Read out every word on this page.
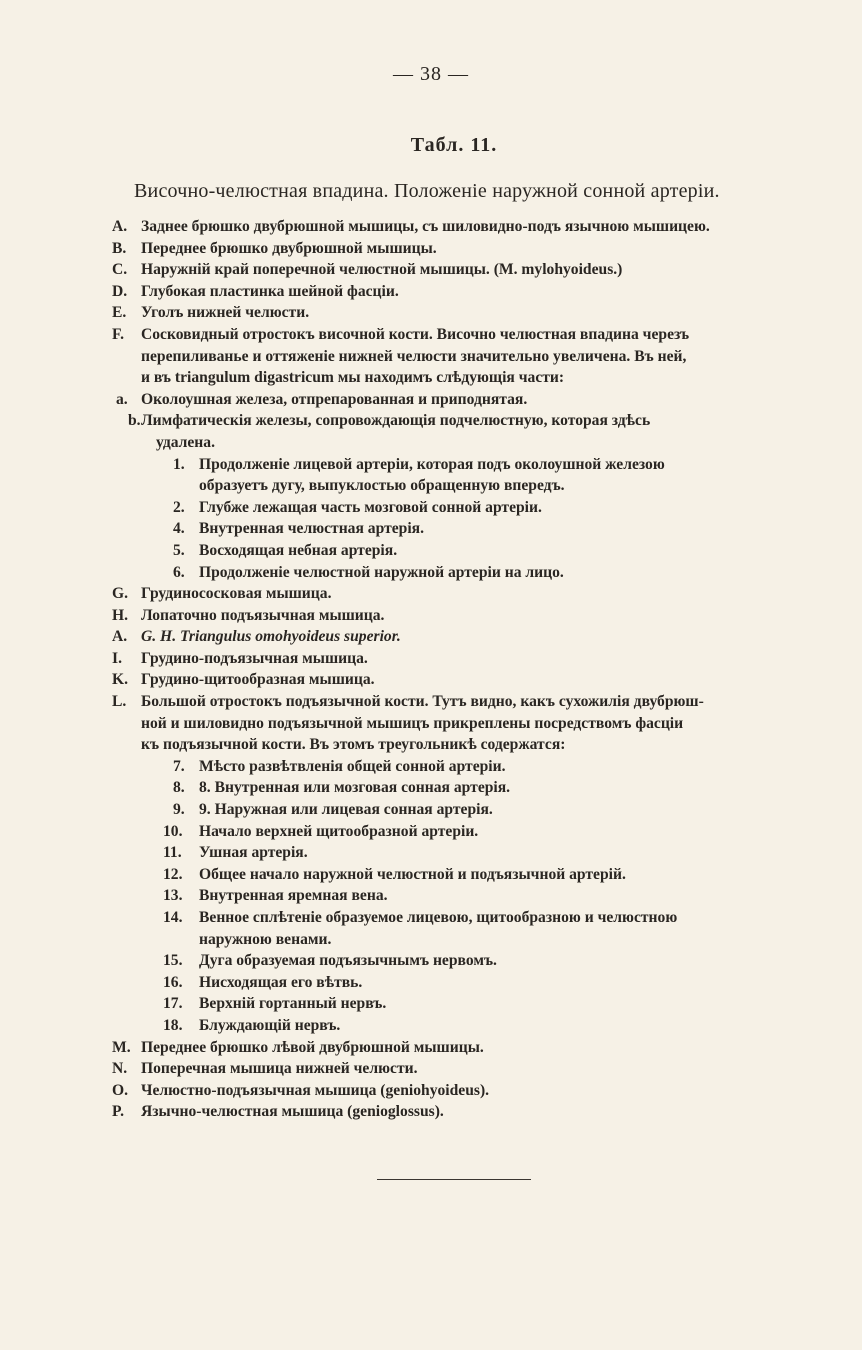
— 38 —
Табл. 11.
Височно-челюстная впадина. Положеніе наружной сонной артеріи.
A. Заднее брюшко двубрюшной мышицы, съ шиловидно-подъ язычною мышицею.
B. Переднее брюшко двубрюшной мышицы.
C. Наружній край поперечной челюстной мышицы. (M. mylohyoideus.)
D. Глубокая пластинка шейной фасціи.
E. Уголъ нижней челюсти.
F. Сосковидный отростокъ височной кости. Височно челюстная впадина черезъ
перепиливанье и оттяженіе нижней челюсти значительно увеличена. Въ ней,
и въ triangulum digastricum мы находимъ слѣдующія части:
a. Околоушная железа, отпрепарованная и приподнятая.
b. Лимфатическія железы, сопровождающія подчелюстную, которая здѣсь
удалена.
1. Продолженіе лицевой артеріи, которая подъ околоушной железою
образуетъ дугу, выпуклостью обращенную впередъ.
2. Глубже лежащая часть мозговой сонной артеріи.
4. Внутренная челюстная артерія.
5. Восходящая небная артерія.
6. Продолженіе челюстной наружной артеріи на лицо.
G. Грудинососкoвая мышица.
H. Лопаточно подъязычная мышица.
A. G. H. Triangulus omohyoideus superior.
I. Грудино-подъязычная мышица.
K. Грудино-щитообразная мышица.
L. Большой отростокъ подъязычной кости. Тутъ видно, какъ сухожилія двубрюш-
ной и шиловидно подъязычной мышицъ прикреплены посредствомъ фасціи
къ подъязычной кости. Въ этомъ треугольникѣ содержатся:
7. Мѣсто развѣтвленія общей сонной артеріи.
8. 8. Внутренная или мозговая сонная артерія.
9. 9. Наружная или лицевая сонная артерія.
10. Начало верхней щитообразной артеріи.
11. Ушная артерія.
12. Общее начало наружной челюстной и подъязычной артерій.
13. Внутренная яремная вена.
14. Венное сплѣтеніе образуемое лицевою, щитообразною и челюстною
наружною венами.
15. Дуга образуемая подъязычнымъ нервомъ.
16. Нисходящая его вѣтвь.
17. Верхній гортанный нервъ.
18. Блуждающій нервъ.
M. Переднее брюшко лѣвой двубрюшной мышицы.
N. Поперечная мышица нижней челюсти.
O. Челюстно-подъязычная мышица (geniohyoideus).
P. Язычно-челюстная мышица (genioglossus).
